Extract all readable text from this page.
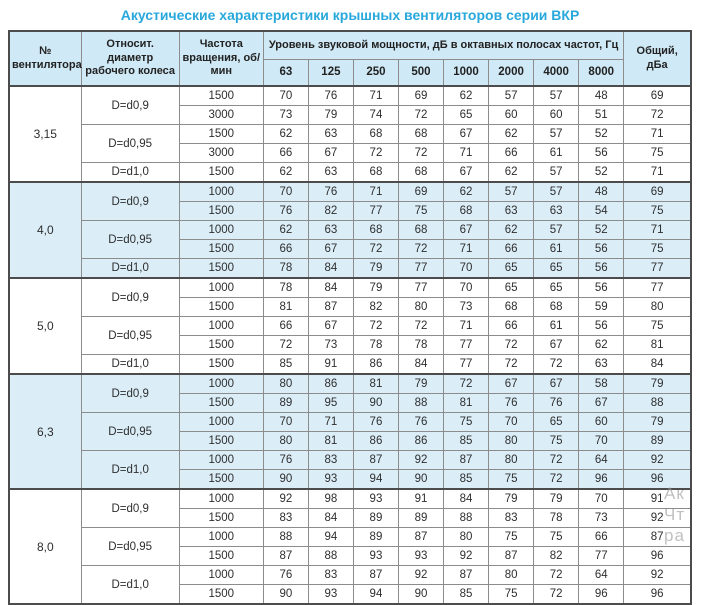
Акустические характеристики крышных вентиляторов серии ВКР
№ вентилятора	Относит. диаметр рабочего колеса	Частота вращения, об/мин	Уровень звуковой мощности, дБ в октавных полосах частот, Гц								Общий, дБа
			63	125	250	500	1000	2000	4000	8000	
3,15	D=d0,9	1500	70	76	71	69	62	57	57	48	69
		3000	73	79	74	72	65	60	60	51	72
	D=d0,95	1500	62	63	68	68	67	62	57	52	71
		3000	66	67	72	72	71	66	61	56	75
	D=d1,0	1500	62	63	68	68	67	62	57	52	71
4,0	D=d0,9	1000	70	76	71	69	62	57	57	48	69
		1500	76	82	77	75	68	63	63	54	75
	D=d0,95	1000	62	63	68	68	67	62	57	52	71
		1500	66	67	72	72	71	66	61	56	75
	D=d1,0	1500	78	84	79	77	70	65	65	56	77
5,0	D=d0,9	1000	78	84	79	77	70	65	65	56	77
		1500	81	87	82	80	73	68	68	59	80
	D=d0,95	1000	66	67	72	72	71	66	61	56	75
		1500	72	73	78	78	77	72	67	62	81
	D=d1,0	1500	85	91	86	84	77	72	72	63	84
6,3	D=d0,9	1000	80	86	81	79	72	67	67	58	79
		1500	89	95	90	88	81	76	76	67	88
	D=d0,95	1000	70	71	76	76	75	70	65	60	79
		1500	80	81	86	86	85	80	75	70	89
	D=d1,0	1000	76	83	87	92	87	80	72	64	92
		1500	90	93	94	90	85	75	72	96	96
8,0	D=d0,9	1000	92	98	93	91	84	79	79	70	91
		1500	83	84	89	89	88	83	78	73	92
	D=d0,95	1000	88	94	89	87	80	75	75	66	87
		1500	87	88	93	93	92	87	82	77	96
	D=d1,0	1000	76	83	87	92	87	80	72	64	92
		1500	90	93	94	90	85	75	72	96	96
Ак
Чт
ра
